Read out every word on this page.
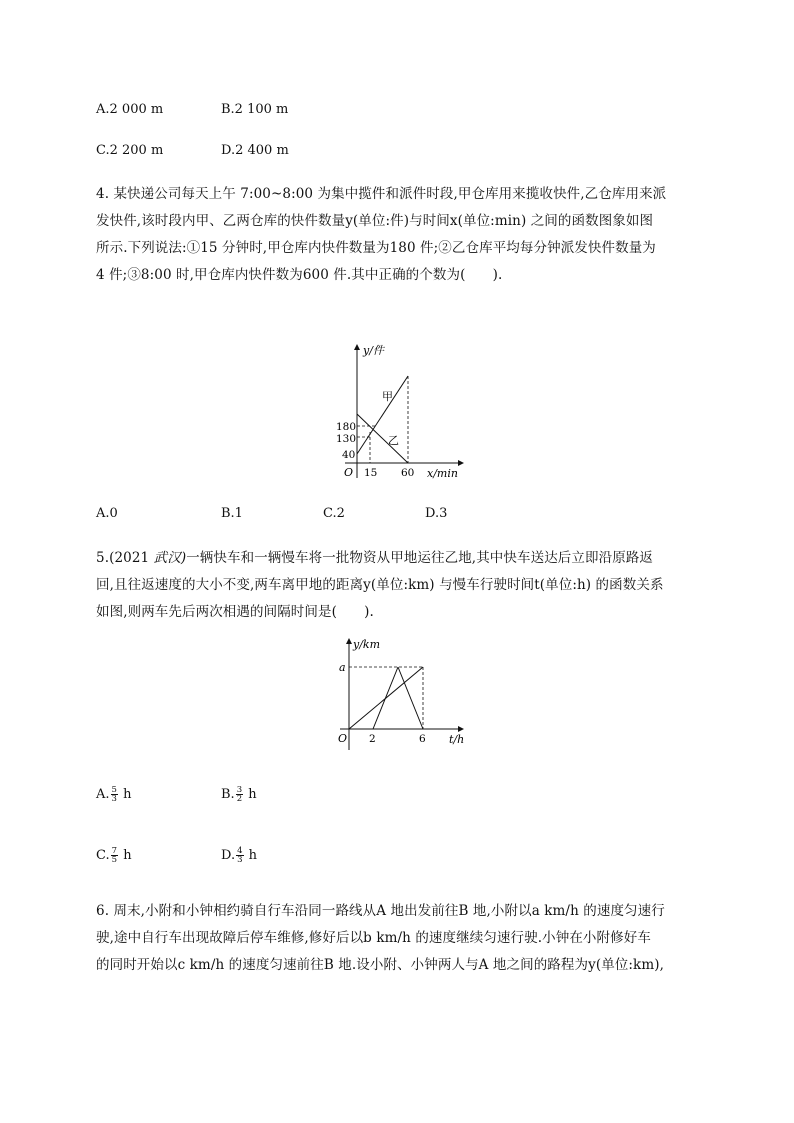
A.2 000 m	B.2 100 m
C.2 200 m	D.2 400 m
4. 某快递公司每天上午 7:00~8:00 为集中揽件和派件时段,甲仓库用来揽收快件,乙仓库用来派
发快件,该时段内甲、乙两仓库的快件数量y(单位:件)与时间x(单位:min) 之间的函数图象如图
所示.下列说法:①15 分钟时,甲仓库内快件数量为180 件;②乙仓库平均每分钟派发快件数量为
4 件;③8:00 时,甲仓库内快件数为600 件.其中正确的个数为(　　).
y/件
x/min
O
180
130
40
15 60
甲
乙
A.0	B.1	C.2	D.3
5.(2021 武汉)一辆快车和一辆慢车将一批物资从甲地运往乙地,其中快车送达后立即沿原路返
回,且往返速度的大小不变,两车离甲地的距离y(单位:km) 与慢车行驶时间t(单位:h) 的函数关系
如图,则两车先后两次相遇的间隔时间是(　　).
y/km
t/h
O
a
2	6
A. $\frac{5}{3}$ h	B. $\frac{3}{2}$ h
C. $\frac{7}{5}$ h	D. $\frac{4}{3}$ h
6. 周末,小附和小钟相约骑自行车沿同一路线从A 地出发前往B 地,小附以a km/h 的速度匀速行
驶,途中自行车出现故障后停车维修,修好后以b km/h 的速度继续匀速行驶.小钟在小附修好车
的同时开始以c km/h 的速度匀速前往B 地.设小附、小钟两人与A 地之间的路程为y(单位:km),
